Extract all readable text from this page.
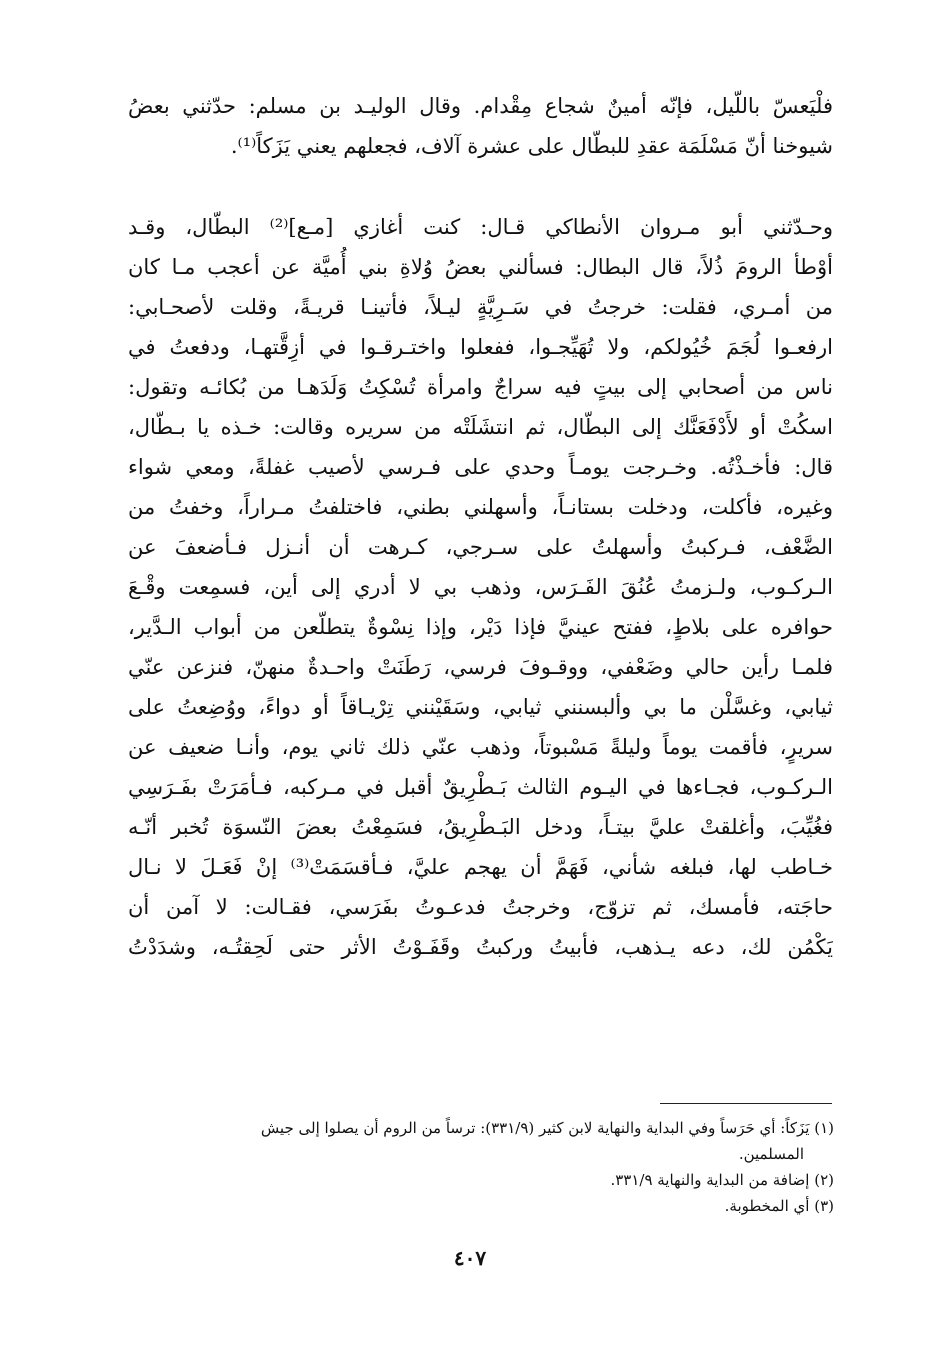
فلْيَعسّ باللّيل، فإنّه أمينٌ شجاع مِقْدام. وقال الوليـد بن مسلم: حدّثني بعضُ
شيوخنا أنّ مَسْلَمَة عقدِ للبطّال على عشرة آلاف، فجعلهم يعني يَزَكاً⁽¹⁾.
وحـدّثني أبو مـروان الأنطاكي قـال: كنت أغازي [مـع]⁽²⁾ البطّال، وقـد
أوْطأ الرومَ ذُلاً، قال البطال: فسألني بعضُ وُلاةِ بني أُميَّة عن أعجب مـا كان
من أمـري، فقلت: خرجتُ في سَـرِيَّةٍ ليـلاً، فأتينـا قريـةً، وقلت لأصحـابي:
ارفعـوا لُجَمَ خُيُولكم، ولا تُهَيِّجـوا، ففعلوا واختـرقـوا في أزِقَّتهـا، ودفعتُ في
ناس من أصحابي إلى بيتٍ فيه سراجٌ وامرأة تُسْكِتُ وَلَدَهـا من بُكائـه وتقول:
اسكُتْ أو لأَدْفَعَنَّك إلى البطّال، ثم انتشَلَتْه من سريره وقالت: خـذه يا بـطّال،
قال: فأخـذْتُه. وخـرجت يومـاً وحدي على فـرسي لأصيب غفلةً، ومعي شواء
وغيره، فأكلت، ودخلت بستانـاً، وأسهلني بطني، فاختلفتُ مـراراً، وخفتُ من
الضَّعْف، فـركبتُ وأسهلتُ على سـرجي، كـرهت أن أنـزل فـأضعفَ عن
الـركـوب، ولـزمتُ عُنُقَ الفَـرَس، وذهب بي لا أدري إلى أين، فسمِعت وقْـعَ
حوافره على بلاطٍ، ففتح عينيَّ فإذا دَيْر، وإذا نِسْوةٌ يتطلّعن من أبواب الـدَّير،
فلمـا رأين حالي وضَعْفي، ووقـوفَ فرسي، رَطَنَتْ واحـدةٌ منهنّ، فنزعن عنّي
ثيابي، وغسَّلْن ما بي وألبسنني ثيابي، وسَقَيْنني تِرْيـاقاً أو دواءً، ووُضِعتُ على
سريرٍ، فأقمت يوماً وليلةً مَسْبوتاً، وذهب عنّي ذلك ثاني يوم، وأنـا ضعيف عن
الـركـوب، فجـاءها في اليـوم الثالث بَـطْرِيقٌ أقبل في مـركبه، فـأمَرَتْ بفَـرَسِي
فغُيِّبَ، وأغلقتْ عليَّ بيتـاً، ودخل البَـطْرِيقُ، فسَمِعْتُ بعضَ النّسوَة تُخبر أنّـه
خـاطب لها، فبلغه شأني، فَهَمَّ أن يهجم عليَّ، فـأقسَمَتْ⁽³⁾ إنْ فَعَـلَ لا نـال
حاجَته، فأمسك، ثم تزوّج، وخرجتُ فدعـوتُ بفَرَسي، فقـالت: لا آمن أن
يَكْمُن لك، دعه يـذهب، فأبيتُ وركبتُ وقَفَـوْتُ الأثر حتى لَحِقتُـه، وشدَدْتُ
(١) يَزَكاً: أي حَرَساً وفي البداية والنهاية لابن كثير (٣٣١/٩): ترساً من الروم أن يصلوا إلى جيش
المسلمين.
(٢) إضافة من البداية والنهاية ٣٣١/٩.
(٣) أي المخطوبة.
٤٠٧
